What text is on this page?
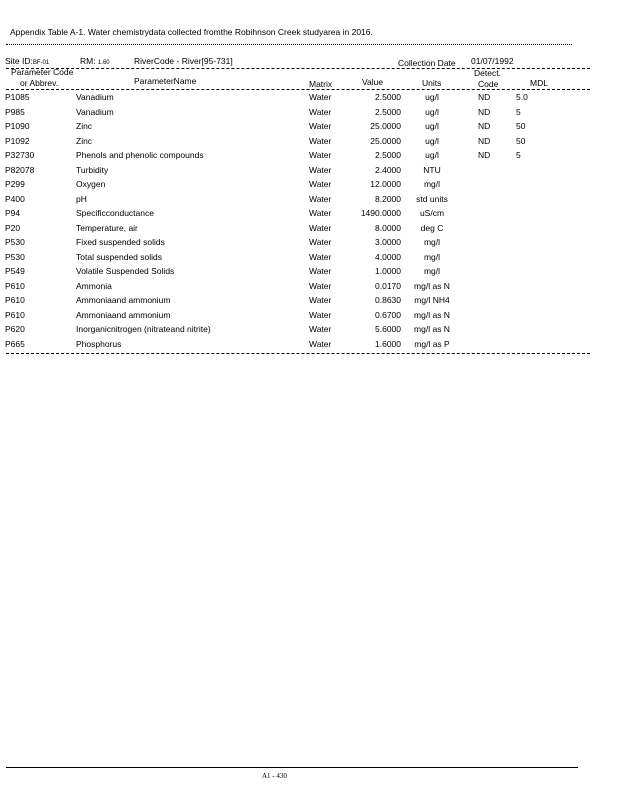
Appendix Table A-1. Water chemistrydata collected fromthe Robihnson Creek studyarea in 2016.
Site ID:BF-01	RM: 1.60	RiverCode - River[95-731]	Collection Date 01/07/1992
Parameter Code
or Abbrev.	ParameterName	Matrix	Value	Units
Detect.
Code	MDL
P1085	Vanadium	Water	2.5000	ug/l	ND	5.0
P985	Vanadium	Water	2.5000	ug/l	ND	5
P1090	Zinc	Water	25.0000	ug/l	ND	50
P1092	Zinc	Water	25.0000	ug/l	ND	50
P32730	Phenols and phenolic compounds	Water	2.5000	ug/l	ND	5
P82078	Turbidity	Water	2.4000	NTU
P299	Oxygen	Water	12.0000	mg/l
P400	pH	Water	8.2000	std units
P94	Specificconductance	Water	1490.0000	uS/cm
P20	Temperature, air	Water	8.0000	deg C
P530	Fixed suspended solids	Water	3.0000	mg/l
P530	Total suspended solids	Water	4.0000	mg/l
P549	Volatile Suspended Solids	Water	1.0000	mg/l
P610	Ammonia	Water	0.0170	mg/l as N
P610	Ammoniaand ammonium	Water	0.8630	mg/l NH4
P610	Ammoniaand ammonium	Water	0.6700	mg/l as N
P620	Inorganicnitrogen (nitrateand nitrite)	Water	5.6000	mg/l as N
P665	Phosphorus	Water	1.6000	mg/l as P
A1 - 430
